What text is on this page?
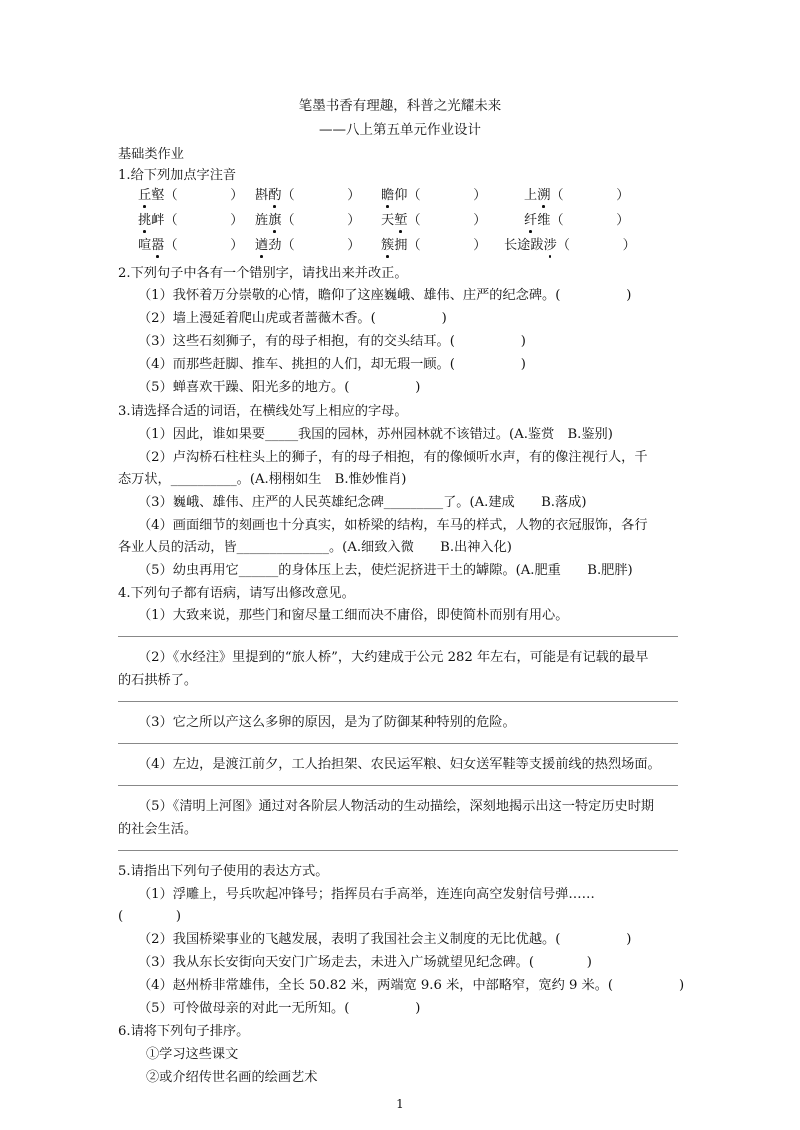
笔墨书香有理趣，科普之光耀未来
——八上第五单元作业设计
基础类作业
1.给下列加点字注音
丘壑（　　　　） 斟酌（　　　　） 瞻仰（　　　　）	上溯（　　　　）
挑衅（　　　　） 旌旗（　　　　） 天堑（　　　　）	纤维（　　　　）
喧嚣（　　　　） 遒劲（　　　　） 簇拥（　　　　） 长途跋涉（　　　　）
2.下列句子中各有一个错别字，请找出来并改正。
（1）我怀着万分崇敬的心情，瞻仰了这座巍峨、雄伟、庄严的纪念碑。(　　　　　)
（2）墙上漫延着爬山虎或者蔷薇木香。(　　　　　)
（3）这些石刻狮子，有的母子相抱，有的交头结耳。(　　　　　)
（4）而那些赶脚、推车、挑担的人们，却无瑕一顾。(　　　　　)
（5）蝉喜欢干躁、阳光多的地方。(　　　　　)
3.请选择合适的词语，在横线处写上相应的字母。
（1）因此，谁如果要_____我国的园林，苏州园林就不该错过。(A.鉴赏　B.鉴别)
（2）卢沟桥石柱柱头上的狮子，有的母子相抱，有的像倾听水声，有的像注视行人，千
态万状，__________。(A.栩栩如生　B.惟妙惟肖)
（3）巍峨、雄伟、庄严的人民英雄纪念碑_________了。(A.建成　　B.落成)
（4）画面细节的刻画也十分真实，如桥梁的结构，车马的样式，人物的衣冠服饰，各行
各业人员的活动，皆______________。(A.细致入微　　B.出神入化)
（5）幼虫再用它______的身体压上去，使烂泥挤进干土的罅隙。(A.肥重　　B.肥胖)
4.下列句子都有语病，请写出修改意见。
（1）大致来说，那些门和窗尽量工细而决不庸俗，即使简朴而别有用心。
（2）《水经注》里提到的“旅人桥”，大约建成于公元 282 年左右，可能是有记载的最早
的石拱桥了。
（3）它之所以产这么多卵的原因，是为了防御某种特别的危险。
（4）左边，是渡江前夕，工人抬担架、农民运军粮、妇女送军鞋等支援前线的热烈场面。
（5）《清明上河图》通过对各阶层人物活动的生动描绘，深刻地揭示出这一特定历史时期
的社会生活。
5.请指出下列句子使用的表达方式。
（1）浮雕上，号兵吹起冲锋号；指挥员右手高举，连连向高空发射信号弹……
(　　　　)
（2）我国桥梁事业的飞越发展，表明了我国社会主义制度的无比优越。(　　　　　)
（3）我从东长安街向天安门广场走去，未进入广场就望见纪念碑。(　　　　)
（4）赵州桥非常雄伟，全长 50.82 米，两端宽 9.6 米，中部略窄，宽约 9 米。(　　　　　)
（5）可怜做母亲的对此一无所知。(　　　　　)
6.请将下列句子排序。
①学习这些课文
②或介绍传世名画的绘画艺术
1
